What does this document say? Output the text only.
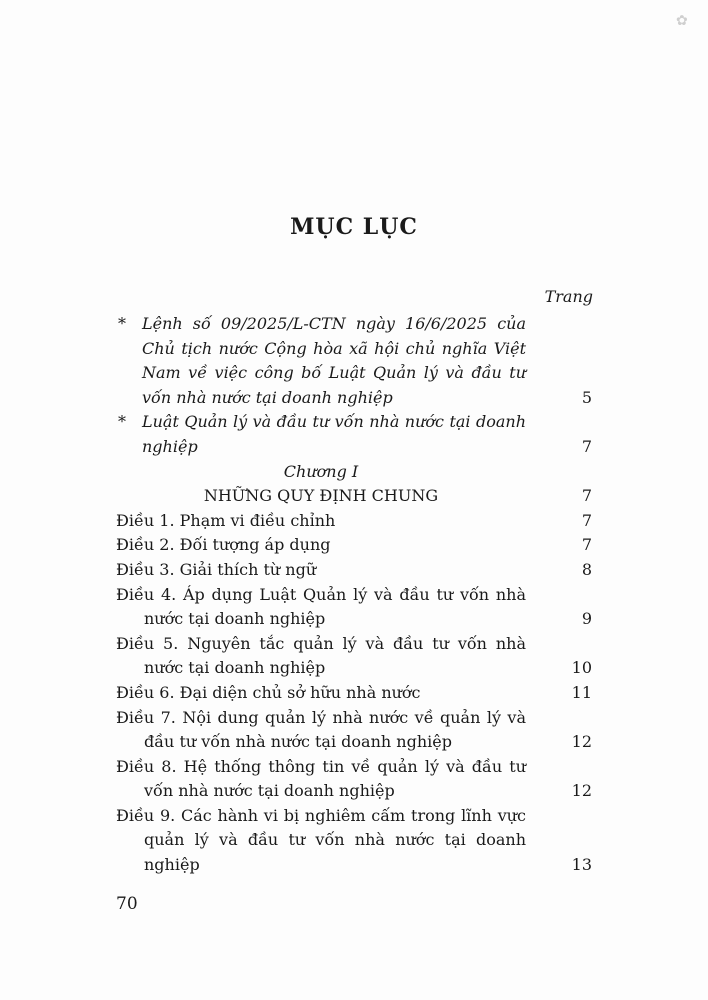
✿
MỤC LỤC
Trang
* Lệnh số 09/2025/L-CTN ngày 16/6/2025 của Chủ tịch nước Cộng hòa xã hội chủ nghĩa Việt Nam về việc công bố Luật Quản lý và đầu tư vốn nhà nước tại doanh nghiệp	5
* Luật Quản lý và đầu tư vốn nhà nước tại doanh nghiệp	7
Chương I
NHỮNG QUY ĐỊNH CHUNG	7
Điều 1. Phạm vi điều chỉnh	7
Điều 2. Đối tượng áp dụng	7
Điều 3. Giải thích từ ngữ	8
Điều 4. Áp dụng Luật Quản lý và đầu tư vốn nhà nước tại doanh nghiệp	9
Điều 5. Nguyên tắc quản lý và đầu tư vốn nhà nước tại doanh nghiệp	10
Điều 6. Đại diện chủ sở hữu nhà nước	11
Điều 7. Nội dung quản lý nhà nước về quản lý và đầu tư vốn nhà nước tại doanh nghiệp	12
Điều 8. Hệ thống thông tin về quản lý và đầu tư vốn nhà nước tại doanh nghiệp	12
Điều 9. Các hành vi bị nghiêm cấm trong lĩnh vực quản lý và đầu tư vốn nhà nước tại doanh nghiệp	13
70
